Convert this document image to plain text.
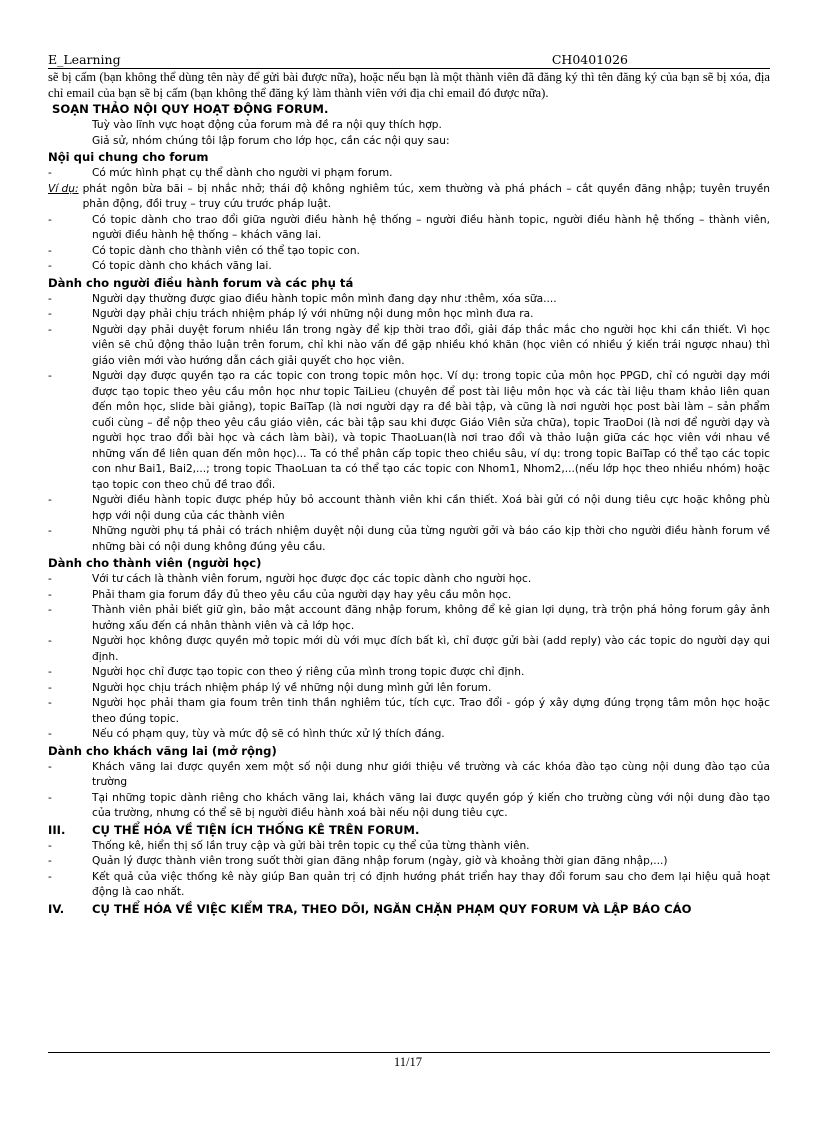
E_Learning	CH0401026

sẽ bị cấm (bạn không thể dùng tên này để gửi bài được nữa), hoặc nếu bạn là một thành viên đã đăng ký thì tên đăng ký của bạn sẽ bị xóa, địa chỉ email của bạn sẽ bị cấm (bạn không thể đăng ký làm thành viên với địa chỉ email đó được nữa).

SOẠN THẢO NỘI QUY HOẠT ĐỘNG FORUM.

Tuỳ vào lĩnh vực hoạt động của forum mà đề ra nội quy thích hợp.

Giả sử, nhóm chúng tôi lập forum cho lớp học, cần các nội quy sau:

Nội qui chung cho forum

-	Có mức hình phạt cụ thể dành cho người vi phạm forum.
Ví dụ: phát ngôn bừa bãi – bị nhắc nhở; thái độ không nghiêm túc, xem thường và phá phách – cắt quyền đăng nhập; tuyên truyền phản động, đồi truỵ – truy cứu trước pháp luật.
-	Có topic dành cho trao đổi giữa người điều hành hệ thống – người điều hành topic, người điều hành hệ thống – thành viên, người điều hành hệ thống – khách vãng lai.
-	Có topic dành cho thành viên có thể tạo topic con.
-	Có topic dành cho khách vãng lai.

Dành cho người điều hành forum và các phụ tá

-	Người dạy thường được giao điều hành topic môn mình đang dạy như :thêm, xóa sữa....
-	Người dạy phải chịu trách nhiệm pháp lý với những nội dung môn học mình đưa ra.
-	Người dạy phải duyệt forum nhiều lần trong ngày để kịp thời trao đổi, giải đáp thắc mắc cho người học khi cần thiết. Vì học viên sẽ chủ động thảo luận trên forum, chỉ khi nào vấn đề gặp nhiều khó khăn (học viên có nhiều ý kiến trái ngược nhau) thì giáo viên mới vào hướng dẫn cách giải quyết cho học viên.
-	Người dạy được quyền tạo ra các topic con trong topic môn học. Ví dụ: trong topic của môn học PPGD, chỉ có người dạy mới được tạo topic theo yêu cầu môn học như topic TaiLieu (chuyên để post tài liệu môn học và các tài liệu tham khảo liên quan đến môn học, slide bài giảng), topic BaiTap (là nơi người dạy ra đề bài tập, và cũng là nơi người học post bài làm – sản phẩm cuối cùng – để nộp theo yêu cầu giáo viên, các bài tập sau khi được Giáo Viên sửa chữa), topic TraoDoi (là nơi để người dạy và người học trao đổi bài học và cách làm bài), và topic ThaoLuan(là nơi trao đổi và thảo luận giữa các học viên với nhau về những vấn đề liên quan đến môn học)... Ta có thể phân cấp topic theo chiều sâu, ví dụ: trong topic BaiTap có thể tạo các topic con như Bai1, Bai2,...; trong topic ThaoLuan ta có thể tạo các topic con Nhom1, Nhom2,...(nếu lớp học theo nhiều nhóm) hoặc tạo topic con theo chủ đề trao đổi.
-	Người điều hành topic được phép hủy bỏ account thành viên khi cần thiết. Xoá bài gửi có nội dung tiêu cực hoặc không phù hợp với nội dung của các thành viên
-	Những người phụ tá phải có trách nhiệm duyệt nội dung của từng người gởi và báo cáo kịp thời cho người điều hành forum về những bài có nội dung không đúng yêu cầu.

Dành cho thành viên (người học)

-	Với tư cách là thành viên forum, người học được đọc các topic dành cho người học.
-	Phải tham gia forum đầy đủ theo yêu cầu của người dạy hay yêu cầu môn học.
-	Thành viên phải biết giữ gìn, bảo mật account đăng nhập forum, không để kẻ gian lợi dụng, trà trộn phá hỏng forum gây ảnh hưởng xấu đến cá nhân thành viên và cả lớp học.
-	Người học không được quyền mở topic mới dù với mục đích bất kì, chỉ được gửi bài (add reply) vào các topic do người dạy qui định.
-	Người học chỉ được tạo topic con theo ý riêng của mình trong topic được chỉ định.
-	Người học chịu trách nhiệm pháp lý về những nội dung mình gửi lên forum.
-	Người học phải tham gia foum trên tinh thần nghiêm túc, tích cực. Trao đổi - góp ý xây dựng đúng trọng tâm môn học hoặc theo đúng topic.
-	Nếu có phạm quy, tùy và mức độ sẽ có hình thức xử lý thích đáng.

Dành cho khách vãng lai (mở rộng)

-	Khách vãng lai được quyền xem một số nội dung như giới thiệu về trường và các khóa đào tạo cùng nội dung đào tạo của trường
-	Tại những topic dành riêng cho khách vãng lai, khách vãng lai được quyền góp ý kiến cho trường cùng với nội dung đào tạo của trường, nhưng có thể sẽ bị người điều hành xoá bài nếu nội dung tiêu cực.
III.	CỤ THỂ HÓA VỀ TIỆN ÍCH THỐNG KÊ TRÊN FORUM.
-	Thống kê, hiển thị số lần truy cập và gửi bài trên topic cụ thể của từng thành viên.
-	Quản lý được thành viên trong suốt thời gian đăng nhập forum (ngày, giờ và khoảng thời gian đăng nhập,...)
-	Kết quả của việc thống kê này giúp Ban quản trị có định hướng phát triển hay thay đổi forum sau cho đem lại hiệu quả hoạt động là cao nhất.
IV.	CỤ THỂ HÓA VỀ VIỆC KIỂM TRA, THEO DÕI, NGĂN CHẶN PHẠM QUY FORUM VÀ LẬP BÁO CÁO
11/17
